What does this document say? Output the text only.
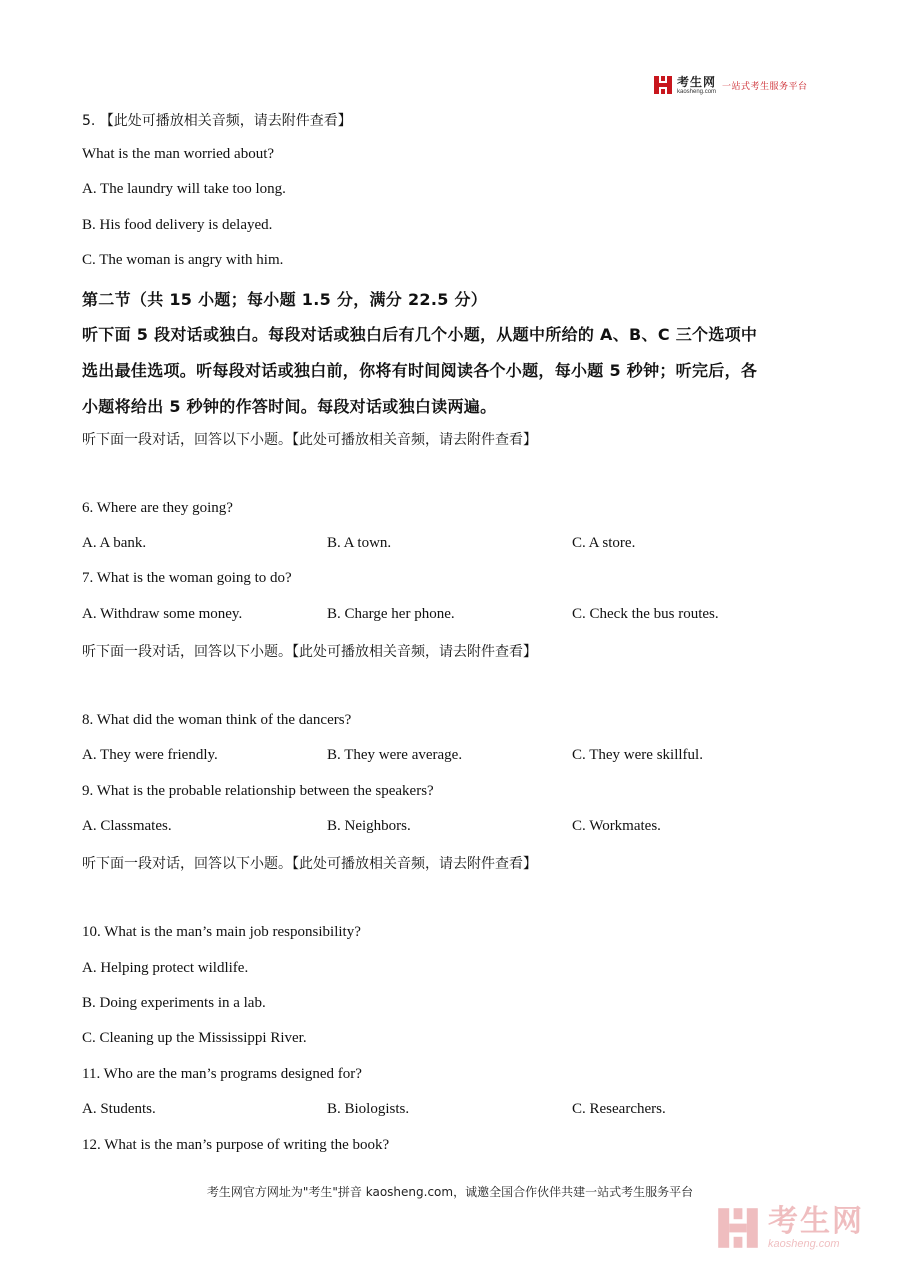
考生网
kaosheng.com 一站式考生服务平台
5. 【此处可播放相关音频，请去附件查看】
What is the man worried about?
A. The laundry will take too long.
B. His food delivery is delayed.
C. The woman is angry with him.
第二节（共 15 小题；每小题 1.5 分，满分 22.5 分）
听下面 5 段对话或独白。每段对话或独白后有几个小题，从题中所给的 A、B、C 三个选项中
选出最佳选项。听每段对话或独白前，你将有时间阅读各个小题，每小题 5 秒钟；听完后，各
小题将给出 5 秒钟的作答时间。每段对话或独白读两遍。
听下面一段对话，回答以下小题。【此处可播放相关音频，请去附件查看】
6. Where are they going?
A. A bank.	B. A town.	C. A store.
7. What is the woman going to do?
A. Withdraw some money.	B. Charge her phone.	C. Check the bus routes.
听下面一段对话，回答以下小题。【此处可播放相关音频，请去附件查看】
8. What did the woman think of the dancers?
A. They were friendly.	B. They were average.	C. They were skillful.
9. What is the probable relationship between the speakers?
A. Classmates.	B. Neighbors.	C. Workmates.
听下面一段对话，回答以下小题。【此处可播放相关音频，请去附件查看】
10. What is the man’s main job responsibility?
A. Helping protect wildlife.
B. Doing experiments in a lab.
C. Cleaning up the Mississippi River.
11. Who are the man’s programs designed for?
A. Students.	B. Biologists.	C. Researchers.
12. What is the man’s purpose of writing the book?
考生网官方网址为"考生"拼音 kaosheng.com，诚邀全国合作伙伴共建一站式考生服务平台
考生网
kaosheng.com
